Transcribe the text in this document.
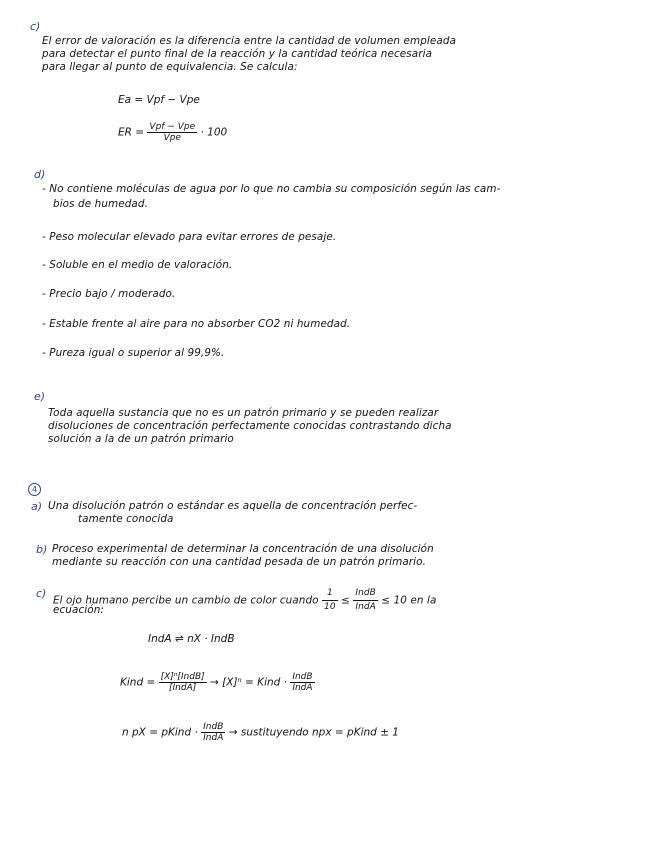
c)
El error de valoración es la diferencia entre la cantidad de volumen empleada
para detectar el punto final de la reacción y la cantidad teórica necesaria
para llegar al punto de equivalencia. Se calcula:
Ea = Vpf − Vpe
ER = $\frac{\text{Vpf − Vpe}}{\text{Vpe}} \cdot 100$
d)
- No contiene moléculas de agua por lo que no cambia su composición según las cam-
bios de humedad.
- Peso molecular elevado para evitar errores de pesaje.
- Soluble en el medio de valoración.
- Precio bajo / moderado.
- Estable frente al aire para no absorber CO2 ni humedad.
- Pureza igual o superior al 99,9%.
e)
Toda aquella sustancia que no es un patrón primario y se pueden realizar
disoluciones de concentración perfectamente conocidas contrastando dicha
solución a la de un patrón primario
4
a) Una disolución patrón o estándar es aquella de concentración perfec-
tamente conocida
b) Proceso experimental de determinar la concentración de una disolución
mediante su reacción con una cantidad pesada de un patrón primario.
c)
El ojo humano percibe un cambio de color cuando $\frac{1}{10} \le \frac{\text{IndB}}{\text{IndA}} \le 10$ en la
ecuación:
IndA ⇌ nX · IndB
Kind = $\frac{\text{[X]ⁿ[IndB]}}{\text{[IndA]}} \to [X]^n$ = Kind · $\frac{\text{IndB}}{\text{IndA}}$
n pX = pKind · $\frac{\text{IndB}}{\text{IndA}}$ → sustituyendo npx = pKind ± 1
